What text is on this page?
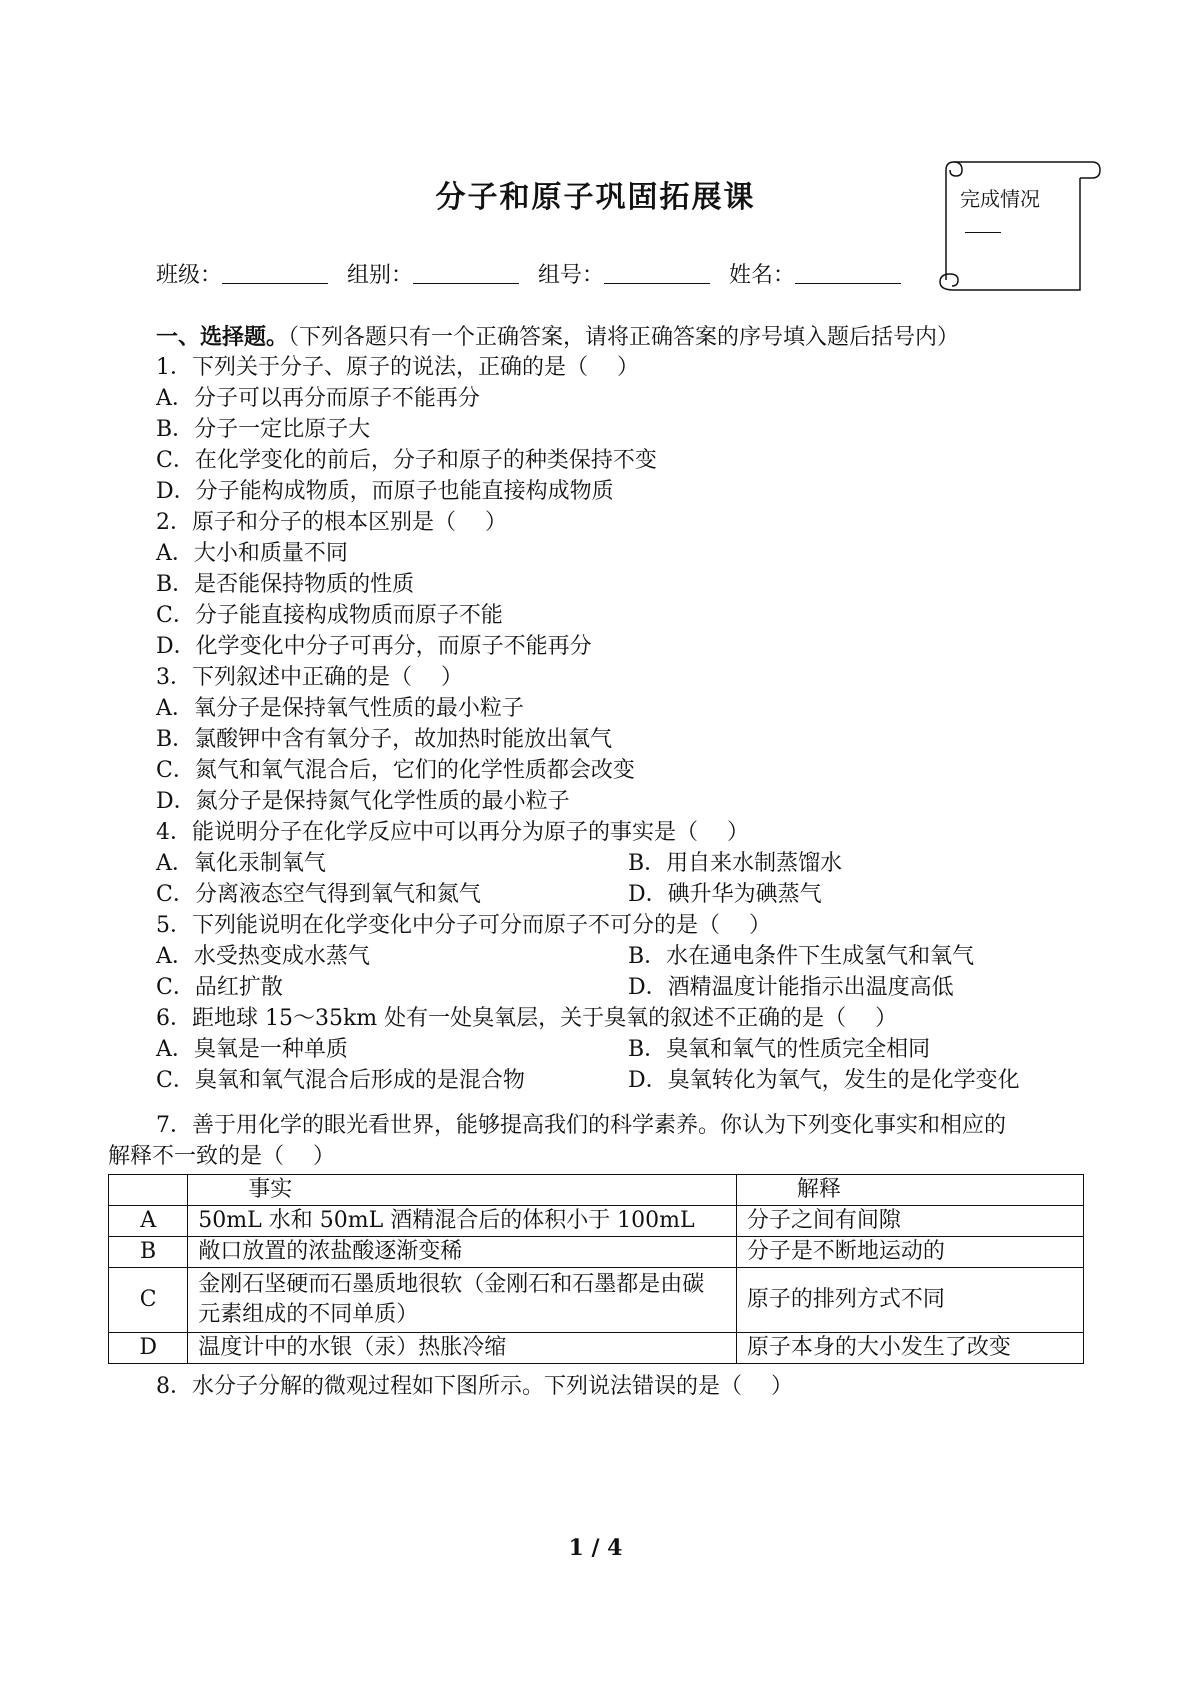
分子和原子巩固拓展课	完成情况
班级：	组别：	组号：	姓名：
一、选择题。（下列各题只有一个正确答案，请将正确答案的序号填入题后括号内）
1．下列关于分子、原子的说法，正确的是（　 ）
A．分子可以再分而原子不能再分
B．分子一定比原子大
C．在化学变化的前后，分子和原子的种类保持不变
D．分子能构成物质，而原子也能直接构成物质
2．原子和分子的根本区别是（　 ）
A．大小和质量不同
B．是否能保持物质的性质
C．分子能直接构成物质而原子不能
D．化学变化中分子可再分，而原子不能再分
3．下列叙述中正确的是（　 ）
A．氧分子是保持氧气性质的最小粒子
B．氯酸钾中含有氧分子，故加热时能放出氧气
C．氮气和氧气混合后，它们的化学性质都会改变
D．氮分子是保持氮气化学性质的最小粒子
4．能说明分子在化学反应中可以再分为原子的事实是（　 ）
A．氧化汞制氧气	B．用自来水制蒸馏水
C．分离液态空气得到氧气和氮气	D．碘升华为碘蒸气
5．下列能说明在化学变化中分子可分而原子不可分的是（　 ）
A．水受热变成水蒸气	B．水在通电条件下生成氢气和氧气
C．品红扩散	D．酒精温度计能指示出温度高低
6．距地球 15～35km 处有一处臭氧层，关于臭氧的叙述不正确的是（　 ）
A．臭氧是一种单质	B．臭氧和氧气的性质完全相同
C．臭氧和氧气混合后形成的是混合物	D．臭氧转化为氧气，发生的是化学变化
7．善于用化学的眼光看世界，能够提高我们的科学素养。你认为下列变化事实和相应的
解释不一致的是（　 ）
	事实	解释
A	50mL 水和 50mL 酒精混合后的体积小于 100mL	分子之间有间隙
B	敞口放置的浓盐酸逐渐变稀	分子是不断地运动的
C	金刚石坚硬而石墨质地很软（金刚石和石墨都是由碳元素组成的不同单质）	原子的排列方式不同
D	温度计中的水银（汞）热胀冷缩	原子本身的大小发生了改变
8．水分子分解的微观过程如下图所示。下列说法错误的是（　 ）
1 / 4
